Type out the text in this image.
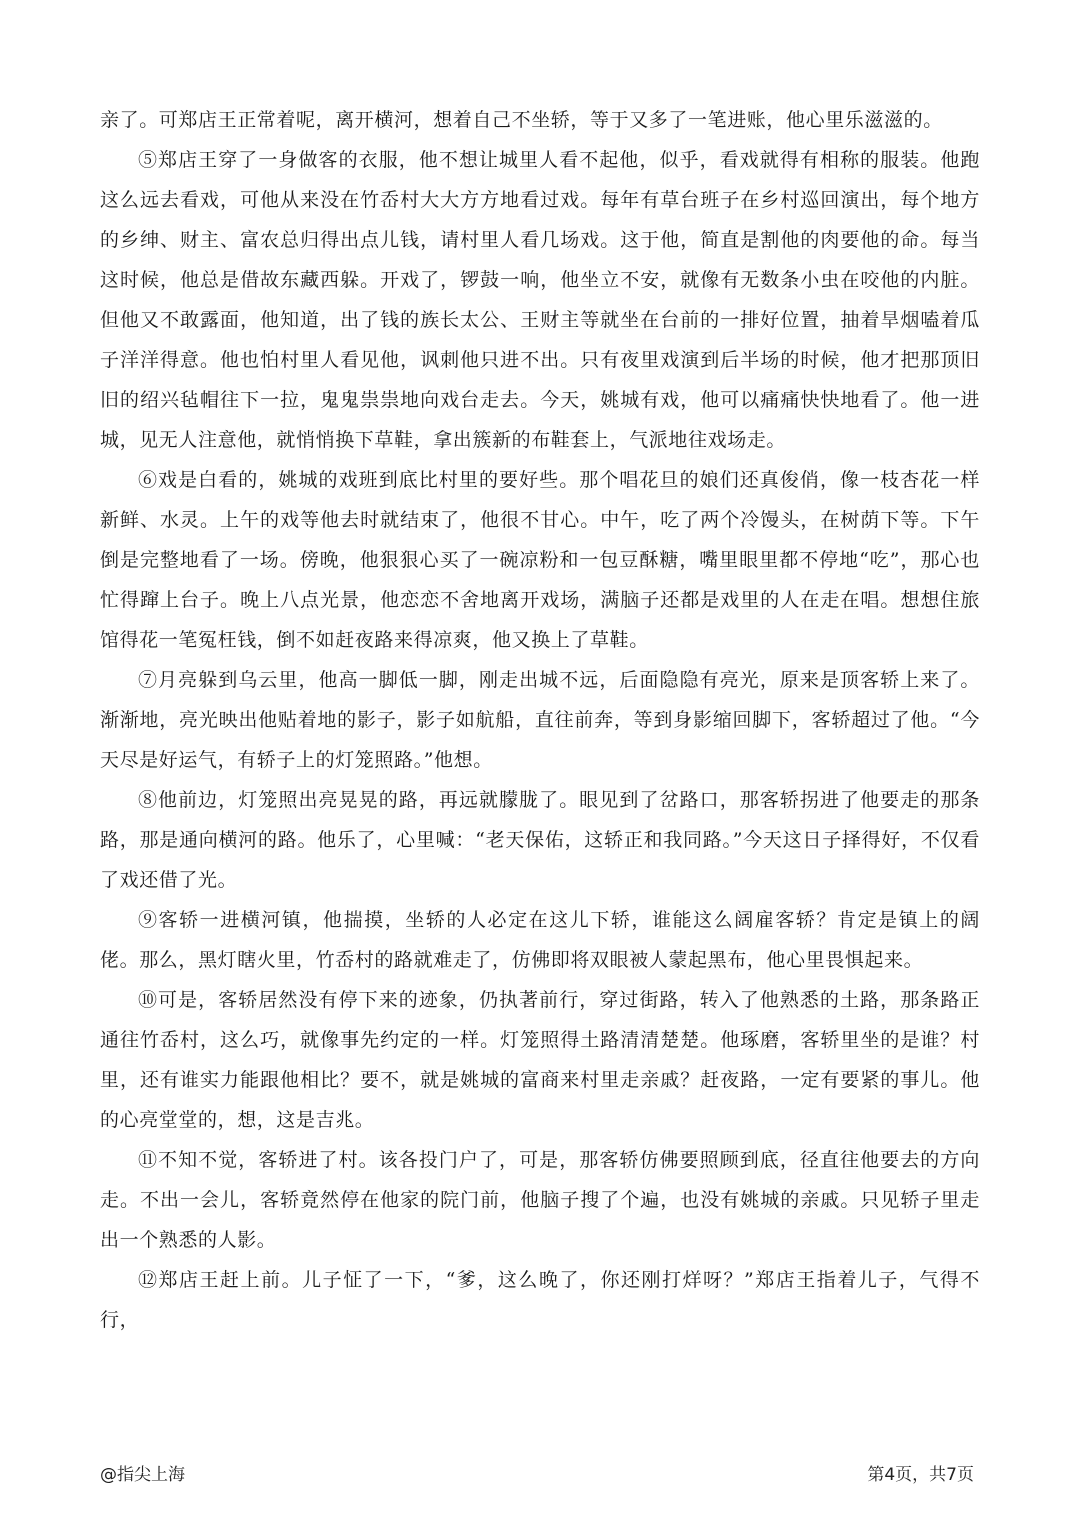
亲了。可郑店王正常着呢，离开横河，想着自己不坐轿，等于又多了一笔进账，他心里乐滋滋的。

⑤郑店王穿了一身做客的衣服，他不想让城里人看不起他，似乎，看戏就得有相称的服装。他跑这么远去看戏，可他从来没在竹岙村大大方方地看过戏。每年有草台班子在乡村巡回演出，每个地方的乡绅、财主、富农总归得出点儿钱，请村里人看几场戏。这于他，简直是割他的肉要他的命。每当这时候，他总是借故东藏西躲。开戏了，锣鼓一响，他坐立不安，就像有无数条小虫在咬他的内脏。但他又不敢露面，他知道，出了钱的族长太公、王财主等就坐在台前的一排好位置，抽着旱烟嗑着瓜子洋洋得意。他也怕村里人看见他，讽刺他只进不出。只有夜里戏演到后半场的时候，他才把那顶旧旧的绍兴毡帽往下一拉，鬼鬼祟祟地向戏台走去。今天，姚城有戏，他可以痛痛快快地看了。他一进城，见无人注意他，就悄悄换下草鞋，拿出簇新的布鞋套上，气派地往戏场走。

⑥戏是白看的，姚城的戏班到底比村里的要好些。那个唱花旦的娘们还真俊俏，像一枝杏花一样新鲜、水灵。上午的戏等他去时就结束了，他很不甘心。中午，吃了两个冷馒头，在树荫下等。下午倒是完整地看了一场。傍晚，他狠狠心买了一碗凉粉和一包豆酥糖，嘴里眼里都不停地“吃”，那心也忙得蹿上台子。晚上八点光景，他恋恋不舍地离开戏场，满脑子还都是戏里的人在走在唱。想想住旅馆得花一笔冤枉钱，倒不如赶夜路来得凉爽，他又换上了草鞋。

⑦月亮躲到乌云里，他高一脚低一脚，刚走出城不远，后面隐隐有亮光，原来是顶客轿上来了。渐渐地，亮光映出他贴着地的影子，影子如航船，直往前奔，等到身影缩回脚下，客轿超过了他。“今天尽是好运气，有轿子上的灯笼照路。”他想。

⑧他前边，灯笼照出亮晃晃的路，再远就朦胧了。眼见到了岔路口，那客轿拐进了他要走的那条路，那是通向横河的路。他乐了，心里喊：“老天保佑，这轿正和我同路。”今天这日子择得好，不仅看了戏还借了光。

⑨客轿一进横河镇，他揣摸，坐轿的人必定在这儿下轿，谁能这么阔雇客轿？肯定是镇上的阔佬。那么，黑灯瞎火里，竹岙村的路就难走了，仿佛即将双眼被人蒙起黑布，他心里畏惧起来。

⑩可是，客轿居然没有停下来的迹象，仍执著前行，穿过街路，转入了他熟悉的土路，那条路正通往竹岙村，这么巧，就像事先约定的一样。灯笼照得土路清清楚楚。他琢磨，客轿里坐的是谁？村里，还有谁实力能跟他相比？要不，就是姚城的富商来村里走亲戚？赶夜路，一定有要紧的事儿。他的心亮堂堂的，想，这是吉兆。

⑪不知不觉，客轿进了村。该各投门户了，可是，那客轿仿佛要照顾到底，径直往他要去的方向走。不出一会儿，客轿竟然停在他家的院门前，他脑子搜了个遍，也没有姚城的亲戚。只见轿子里走出一个熟悉的人影。

⑫郑店王赶上前。儿子怔了一下，“爹，这么晚了，你还刚打烊呀？”郑店王指着儿子，气得不行，

@指尖上海	第4页，共7页
